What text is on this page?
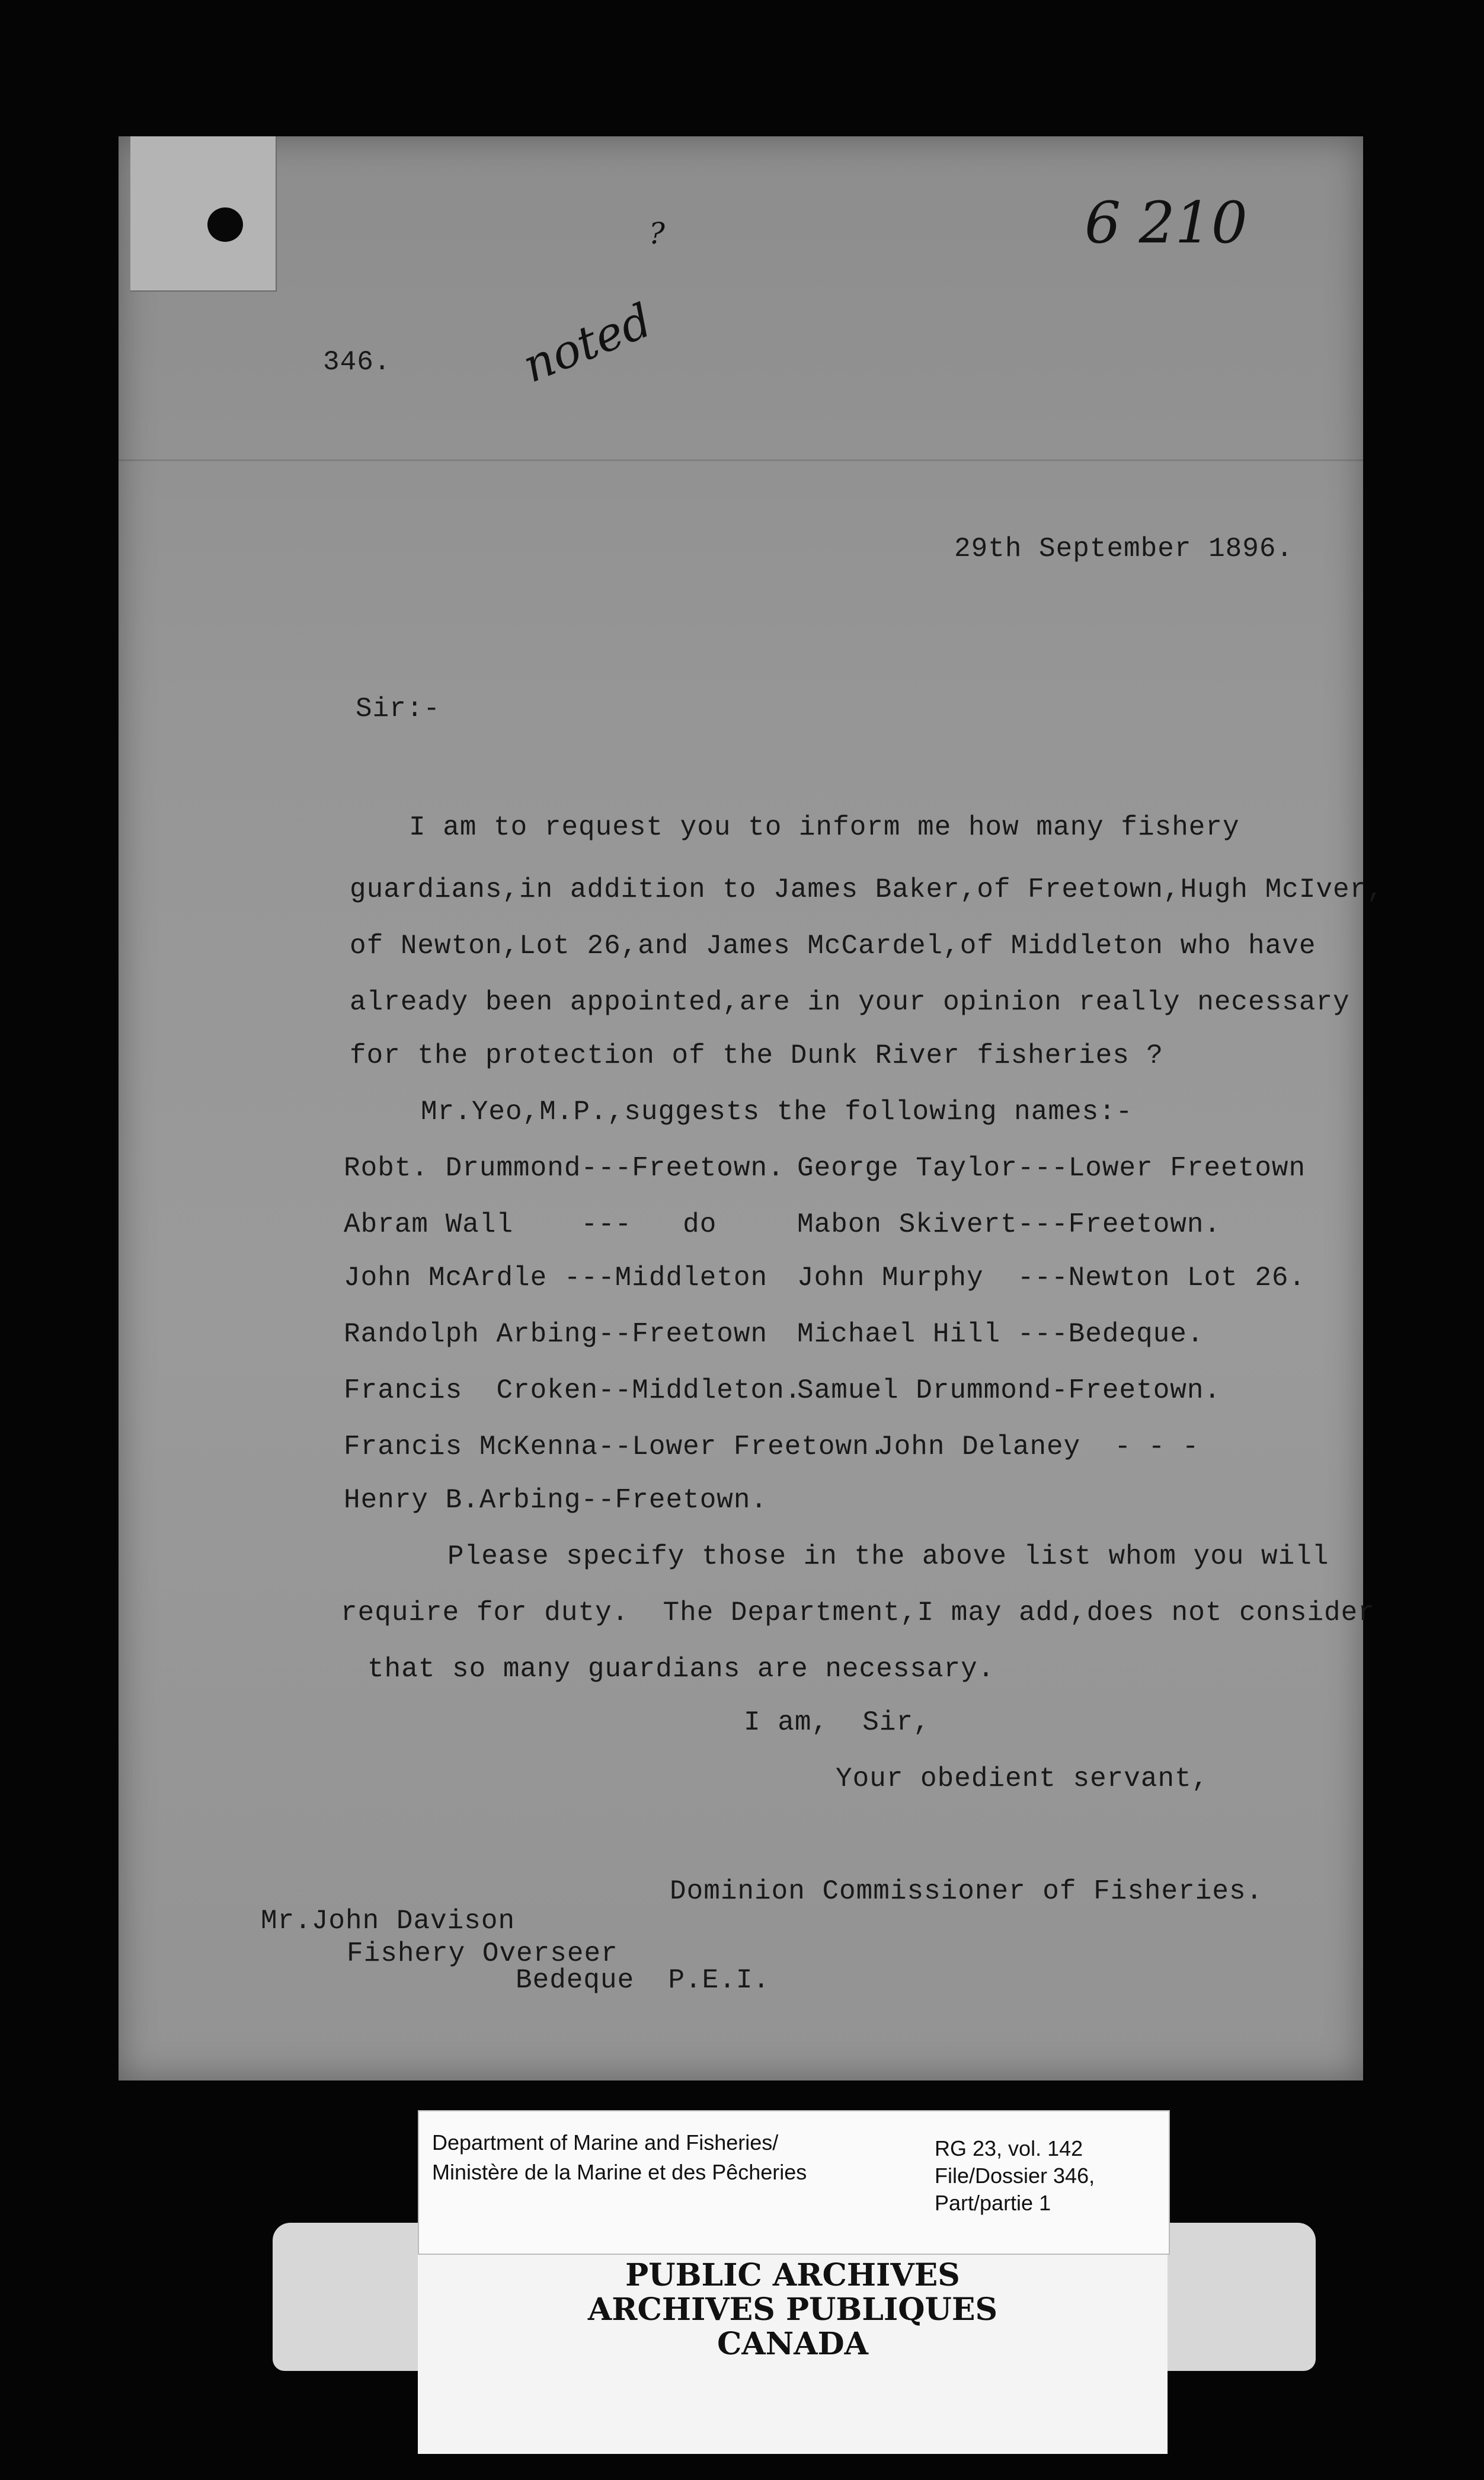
6 210
?
noted
346.
29th September 1896.
Sir:-
I am to request you to inform me how many fishery
guardians,in addition to James Baker,of Freetown,Hugh McIver,
of Newton,Lot 26,and James McCardel,of Middleton who have
already been appointed,are in your opinion really necessary
for the protection of the Dunk River fisheries ?
Mr.Yeo,M.P.,suggests the following names:-
Robt. Drummond---Freetown.
Abram Wall    ---   do
John McArdle ---Middleton
Randolph Arbing--Freetown
Francis  Croken--Middleton.
Francis McKenna--Lower Freetown.
Henry B.Arbing--Freetown.
George Taylor---Lower Freetown
Mabon Skivert---Freetown.
John Murphy  ---Newton Lot 26.
Michael Hill ---Bedeque.
Samuel Drummond-Freetown.
John Delaney  - - -
Please specify those in the above list whom you will
require for duty.  The Department,I may add,does not consider
that so many guardians are necessary.
I am,  Sir,
Your obedient servant,
Dominion Commissioner of Fisheries.
Mr.John Davison
Fishery Overseer
Bedeque  P.E.I.
PUBLIC ARCHIVES
ARCHIVES PUBLIQUES
CANADA
Department of Marine and Fisheries/
Ministère de la Marine et des Pêcheries
RG 23, vol. 142
File/Dossier 346,
Part/partie 1
